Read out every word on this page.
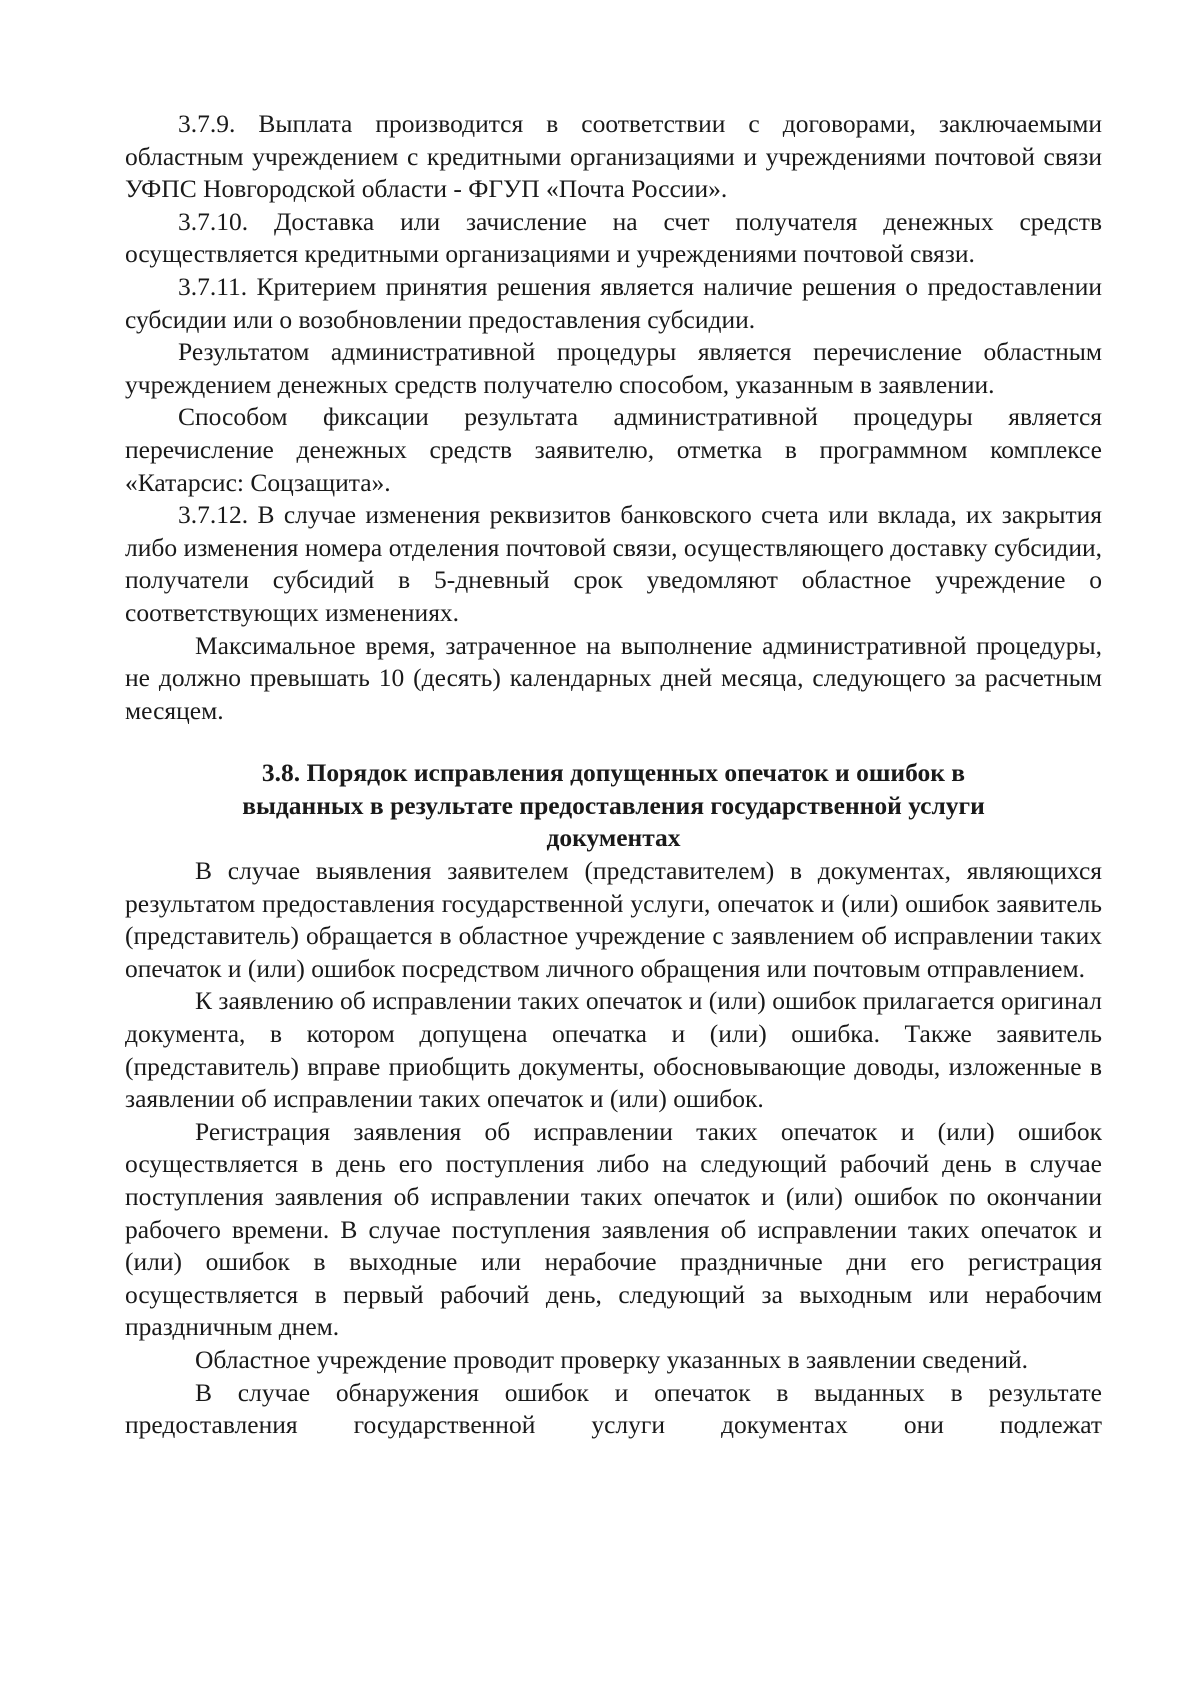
3.7.9. Выплата производится в соответствии с договорами, заключаемыми областным учреждением с кредитными организациями и учреждениями почтовой связи УФПС Новгородской области - ФГУП «Почта России».

3.7.10. Доставка или зачисление на счет получателя денежных средств осуществляется кредитными организациями и учреждениями почтовой связи.

3.7.11. Критерием принятия решения является наличие решения о предоставлении субсидии или о возобновлении предоставления субсидии.

Результатом административной процедуры является перечисление областным учреждением денежных средств получателю способом, указанным в заявлении.

Способом фиксации результата административной процедуры является перечисление денежных средств заявителю, отметка в программном комплексе «Катарсис: Соцзащита».

3.7.12. В случае изменения реквизитов банковского счета или вклада, их закрытия либо изменения номера отделения почтовой связи, осуществляющего доставку субсидии, получатели субсидий в 5-дневный срок уведомляют областное учреждение о соответствующих изменениях.

Максимальное время, затраченное на выполнение административной процедуры, не должно превышать 10 (десять) календарных дней месяца, следующего за расчетным месяцем.

3.8. Порядок исправления допущенных опечаток и ошибок в
выданных в результате предоставления государственной услуги
документах

В случае выявления заявителем (представителем) в документах, являющихся результатом предоставления государственной услуги, опечаток и (или) ошибок заявитель (представитель) обращается в областное учреждение с заявлением об исправлении таких опечаток и (или) ошибок посредством личного обращения или почтовым отправлением.

К заявлению об исправлении таких опечаток и (или) ошибок прилагается оригинал документа, в котором допущена опечатка и (или) ошибка. Также заявитель (представитель) вправе приобщить документы, обосновывающие доводы, изложенные в заявлении об исправлении таких опечаток и (или) ошибок.

Регистрация заявления об исправлении таких опечаток и (или) ошибок осуществляется в день его поступления либо на следующий рабочий день в случае поступления заявления об исправлении таких опечаток и (или) ошибок по окончании рабочего времени. В случае поступления заявления об исправлении таких опечаток и (или) ошибок в выходные или нерабочие праздничные дни его регистрация осуществляется в первый рабочий день, следующий за выходным или нерабочим праздничным днем.

Областное учреждение проводит проверку указанных в заявлении сведений.

В случае обнаружения ошибок и опечаток в выданных в результате предоставления государственной услуги документах они подлежат
